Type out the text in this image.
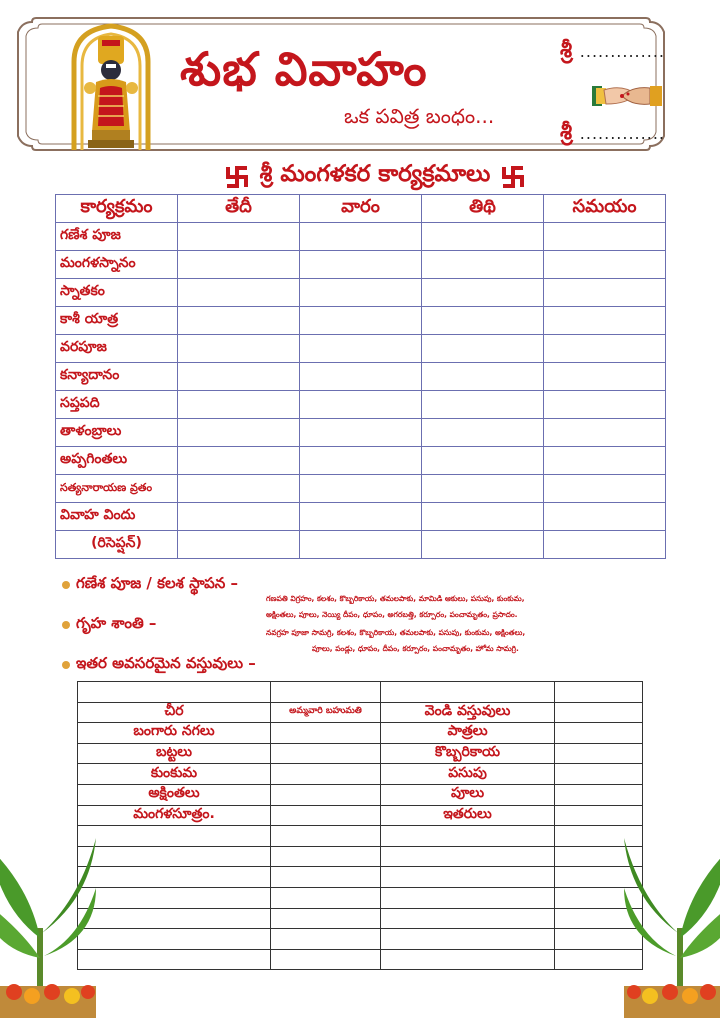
శుభ వివాహం
ఒక పవిత్ర బంధం...
శ్రీ ..............
శ్రీ ..............
శ్రీ మంగళకర కార్యక్రమాలు
కార్యక్రమం	తేదీ	వారం	తిథి	సమయం
గణేశ పూజ				
మంగళస్నానం				
స్నాతకం				
కాశీ యాత్ర				
వరపూజ				
కన్యాదానం				
సప్తపది				
తాళంబ్రాలు				
అప్పగింతలు				
సత్యనారాయణ వ్రతం				
వివాహ విందు				
(రిసెప్షన్)				
గణేశ పూజ / కలశ స్థాపన –
గణపతి విగ్రహం, కలశం, కొబ్బరికాయ, తమలపాకు, మామిడి ఆకులు, పసుపు, కుంకుమ,
అక్షింతలు, పూలు, నెయ్యి దీపం, ధూపం, అగరబత్తి, కర్పూరం, పంచామృతం, ప్రసాదం.
గృహ శాంతి –
నవగ్రహ పూజా సామగ్రి, కలశం, కొబ్బరికాయ, తమలపాకు, పసుపు, కుంకుమ, అక్షింతలు,
పూలు, పండ్లు, ధూపం, దీపం, కర్పూరం, పంచామృతం, హోమ సామగ్రి.
ఇతర అవసరమైన వస్తువులు –

చీర	అమ్మవారి బహుమతి	వెండి వస్తువులు	
బంగారు నగలు		పాత్రలు	
బట్టలు		కొబ్బరికాయ	
కుంకుమ		పసుపు	
అక్షింతలు		పూలు	
మంగళసూత్రం.		ఇతరులు	
